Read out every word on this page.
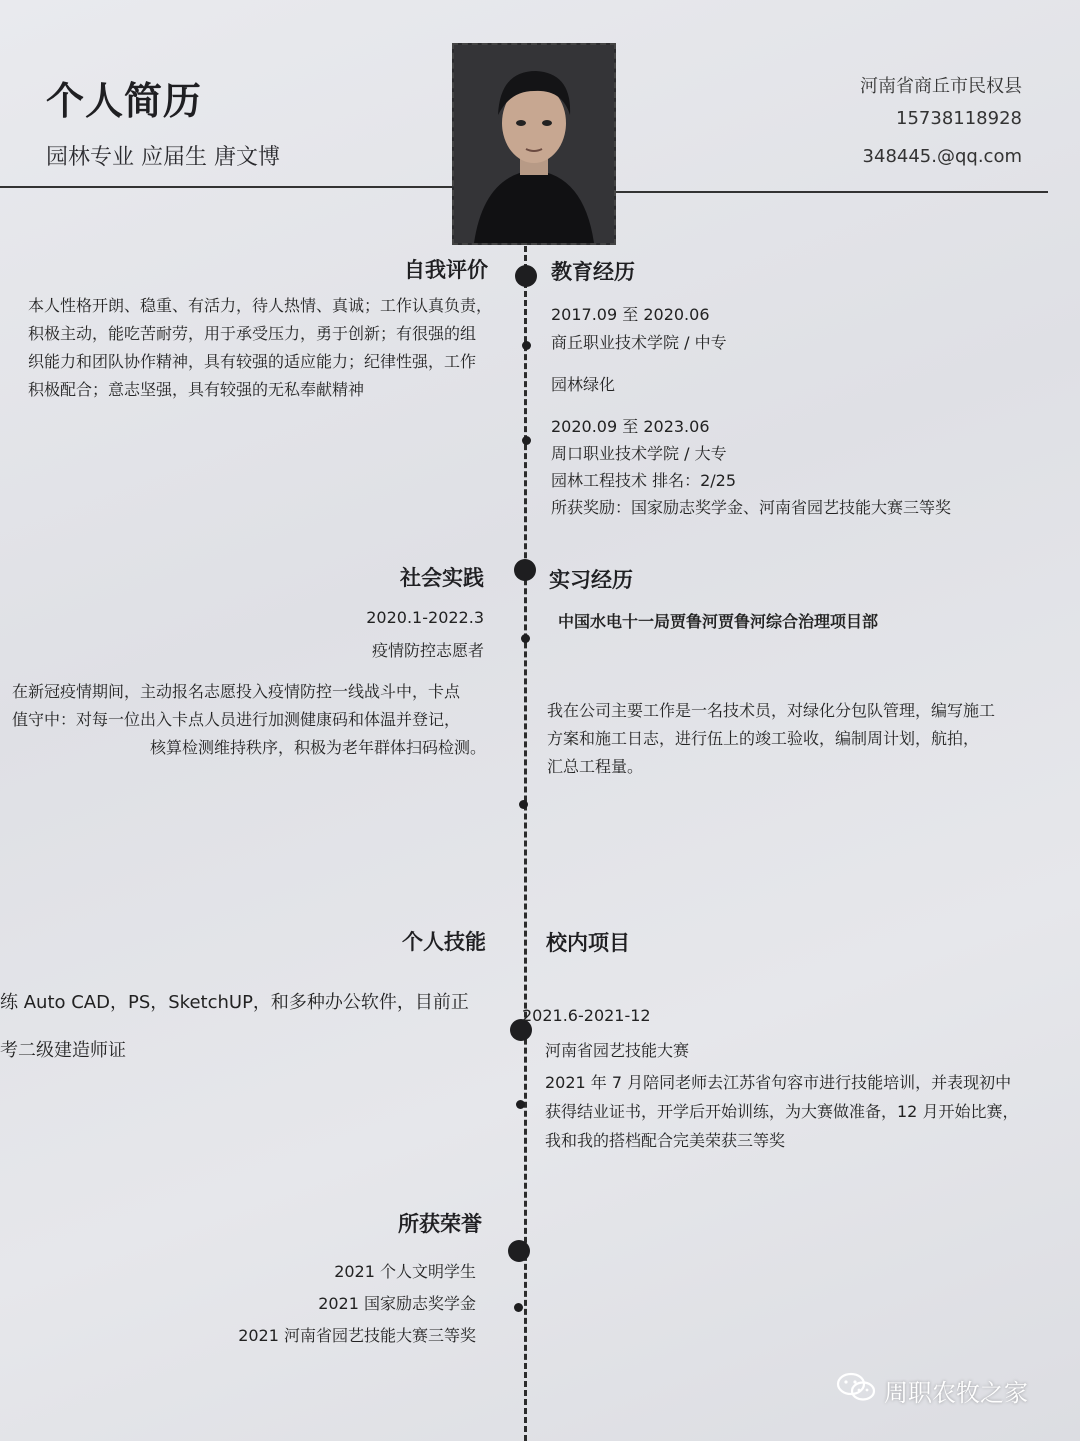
个人简历
园林专业 应届生 唐文博
河南省商丘市民权县
15738118928
348445.@qq.com
自我评价
本人性格开朗、稳重、有活力，待人热情、真诚；工作认真负责，
积极主动，能吃苦耐劳，用于承受压力，勇于创新；有很强的组
织能力和团队协作精神，具有较强的适应能力；纪律性强，工作
积极配合；意志坚强，具有较强的无私奉献精神
教育经历
2017.09 至 2020.06
商丘职业技术学院 / 中专
园林绿化
2020.09 至 2023.06
周口职业技术学院 / 大专
园林工程技术 排名：2/25
所获奖励：国家励志奖学金、河南省园艺技能大赛三等奖
社会实践
2020.1-2022.3
疫情防控志愿者
在新冠疫情期间，主动报名志愿投入疫情防控一线战斗中，卡点
值守中：对每一位出入卡点人员进行加测健康码和体温并登记，
核算检测维持秩序，积极为老年群体扫码检测。
实习经历
中国水电十一局贾鲁河贾鲁河综合治理项目部
我在公司主要工作是一名技术员，对绿化分包队管理，编写施工
方案和施工日志，进行伍上的竣工验收，编制周计划，航拍，
汇总工程量。
个人技能
练 Auto CAD，PS，SketchUP，和多种办公软件，目前正
考二级建造师证
校内项目
2021.6-2021-12
河南省园艺技能大赛
2021 年 7 月陪同老师去江苏省句容市进行技能培训，并表现初中
获得结业证书，开学后开始训练，为大赛做准备，12 月开始比赛，
我和我的搭档配合完美荣获三等奖
所获荣誉
2021 个人文明学生
2021 国家励志奖学金
2021 河南省园艺技能大赛三等奖
周职农牧之家
